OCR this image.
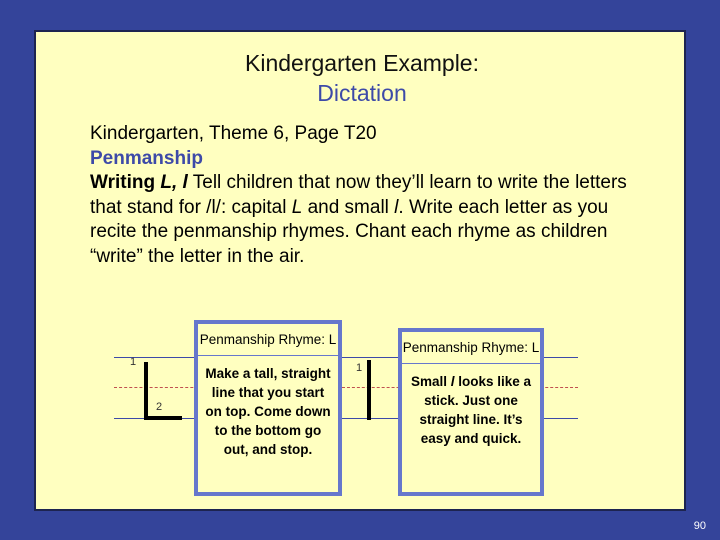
Kindergarten Example:
Dictation
Kindergarten, Theme 6, Page T20
Penmanship
Writing L, l Tell children that now they’ll learn to write the letters that stand for /l/: capital L and small l. Write each letter as you recite the penmanship rhymes. Chant each rhyme as children “write” the letter in the air.
1
2
Penmanship Rhyme: L
Make a tall, straight line that you start on top. Come down to the bottom go out, and stop.
1
Penmanship Rhyme: L
Small l looks like a stick. Just one straight line. It’s easy and quick.
90
